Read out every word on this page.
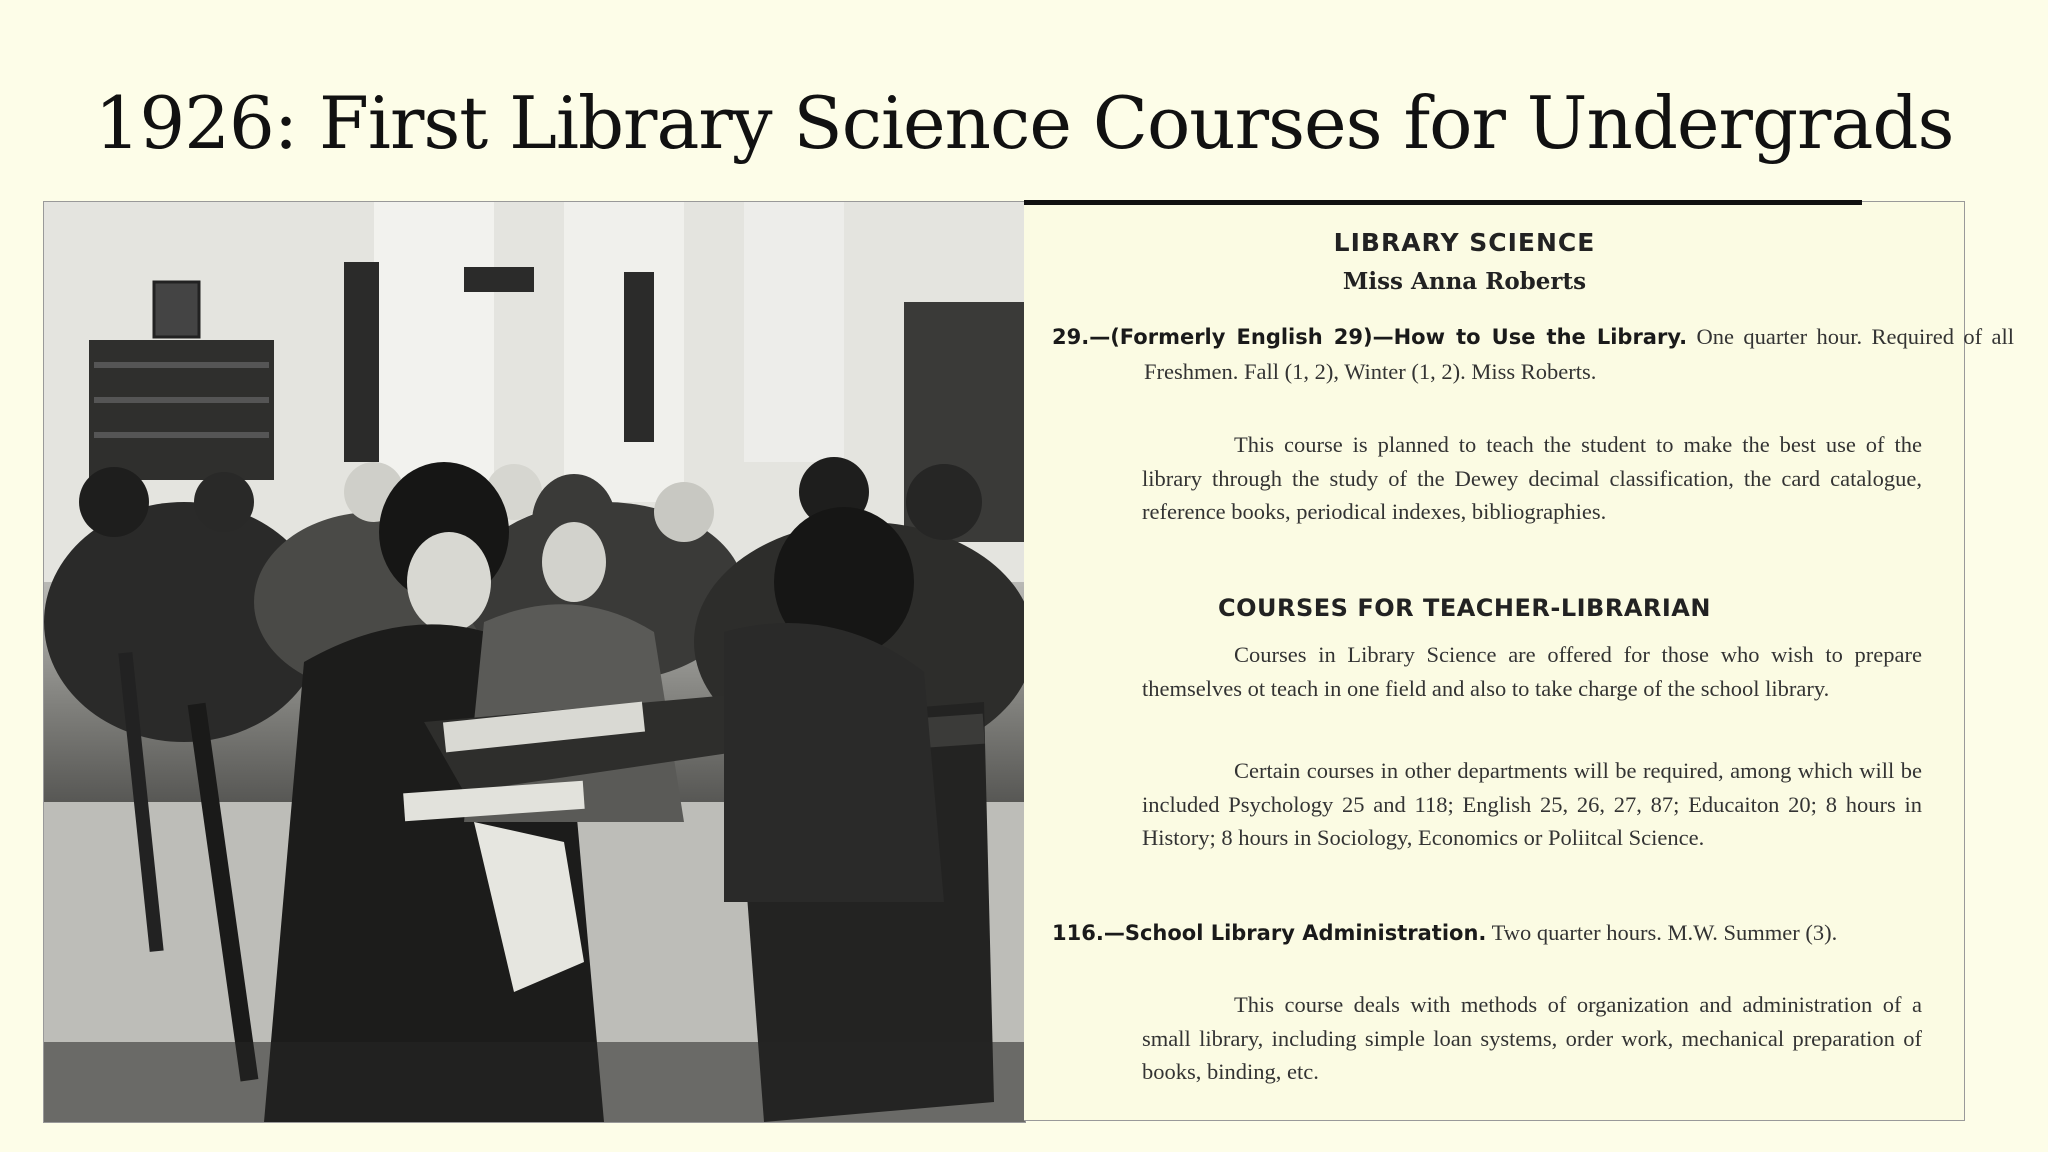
1926: First Library Science Courses for Undergrads
LIBRARY SCIENCE
Miss Anna Roberts
29.—(Formerly English 29)—How to Use the Library. One quarter hour. Required of all Freshmen. Fall (1, 2), Winter (1, 2). Miss Roberts.
This course is planned to teach the student to make the best use of the library through the study of the Dewey decimal classification, the card catalogue, reference books, periodical indexes, bibliographies.
COURSES FOR TEACHER-LIBRARIAN
Courses in Library Science are offered for those who wish to prepare themselves ot teach in one field and also to take charge of the school library.
Certain courses in other departments will be required, among which will be included Psychology 25 and 118; English 25, 26, 27, 87; Educaiton 20; 8 hours in History; 8 hours in Sociology, Economics or Poliitcal Science.
116.—School Library Administration. Two quarter hours. M.W. Summer (3).
This course deals with methods of organization and administration of a small library, including simple loan systems, order work, mechanical preparation of books, binding, etc.
